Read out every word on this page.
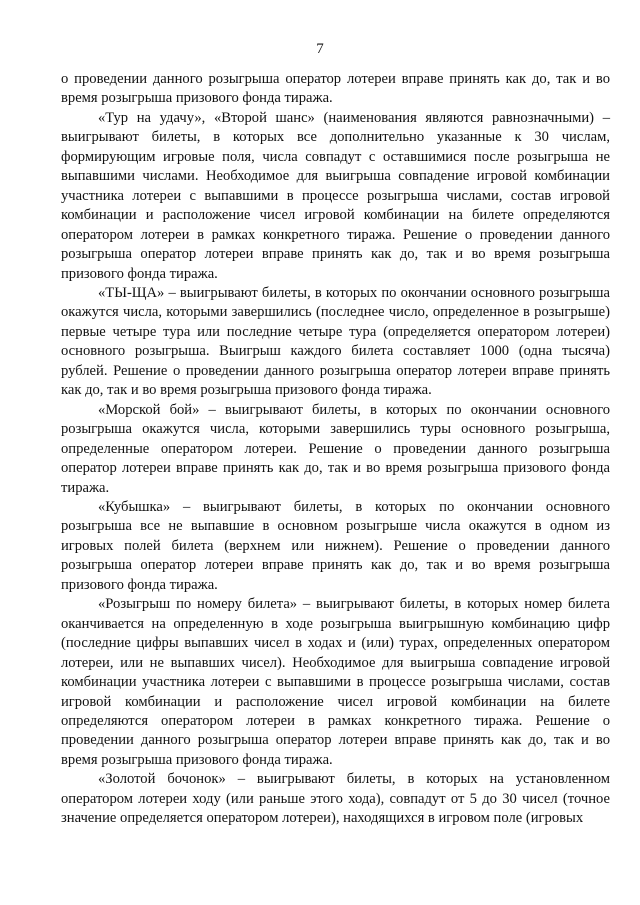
7

о проведении данного розыгрыша оператор лотереи вправе принять как до, так и во время розыгрыша призового фонда тиража.

«Тур на удачу», «Второй шанс» (наименования являются равнозначными) – выигрывают билеты, в которых все дополнительно указанные к 30 числам, формирующим игровые поля, числа совпадут с оставшимися после розыгрыша не выпавшими числами. Необходимое для выигрыша совпадение игровой комбинации участника лотереи с выпавшими в процессе розыгрыша числами, состав игровой комбинации и расположение чисел игровой комбинации на билете определяются оператором лотереи в рамках конкретного тиража. Решение о проведении данного розыгрыша оператор лотереи вправе принять как до, так и во время розыгрыша призового фонда тиража.

«ТЫ-ЩА» – выигрывают билеты, в которых по окончании основного розыгрыша окажутся числа, которыми завершились (последнее число, определенное в розыгрыше) первые четыре тура или последние четыре тура (определяется оператором лотереи) основного розыгрыша. Выигрыш каждого билета составляет 1000 (одна тысяча) рублей. Решение о проведении данного розыгрыша оператор лотереи вправе принять как до, так и во время розыгрыша призового фонда тиража.

«Морской бой» – выигрывают билеты, в которых по окончании основного розыгрыша окажутся числа, которыми завершились туры основного розыгрыша, определенные оператором лотереи. Решение о проведении данного розыгрыша оператор лотереи вправе принять как до, так и во время розыгрыша призового фонда тиража.

«Кубышка» – выигрывают билеты, в которых по окончании основного розыгрыша все не выпавшие в основном розыгрыше числа окажутся в одном из игровых полей билета (верхнем или нижнем). Решение о проведении данного розыгрыша оператор лотереи вправе принять как до, так и во время розыгрыша призового фонда тиража.

«Розыгрыш по номеру билета» – выигрывают билеты, в которых номер билета оканчивается на определенную в ходе розыгрыша выигрышную комбинацию цифр (последние цифры выпавших чисел в ходах и (или) турах, определенных оператором лотереи, или не выпавших чисел). Необходимое для выигрыша совпадение игровой комбинации участника лотереи с выпавшими в процессе розыгрыша числами, состав игровой комбинации и расположение чисел игровой комбинации на билете определяются оператором лотереи в рамках конкретного тиража. Решение о проведении данного розыгрыша оператор лотереи вправе принять как до, так и во время розыгрыша призового фонда тиража.

«Золотой бочонок» – выигрывают билеты, в которых на установленном оператором лотереи ходу (или раньше этого хода), совпадут от 5 до 30 чисел (точное значение определяется оператором лотереи), находящихся в игровом поле (игровых
